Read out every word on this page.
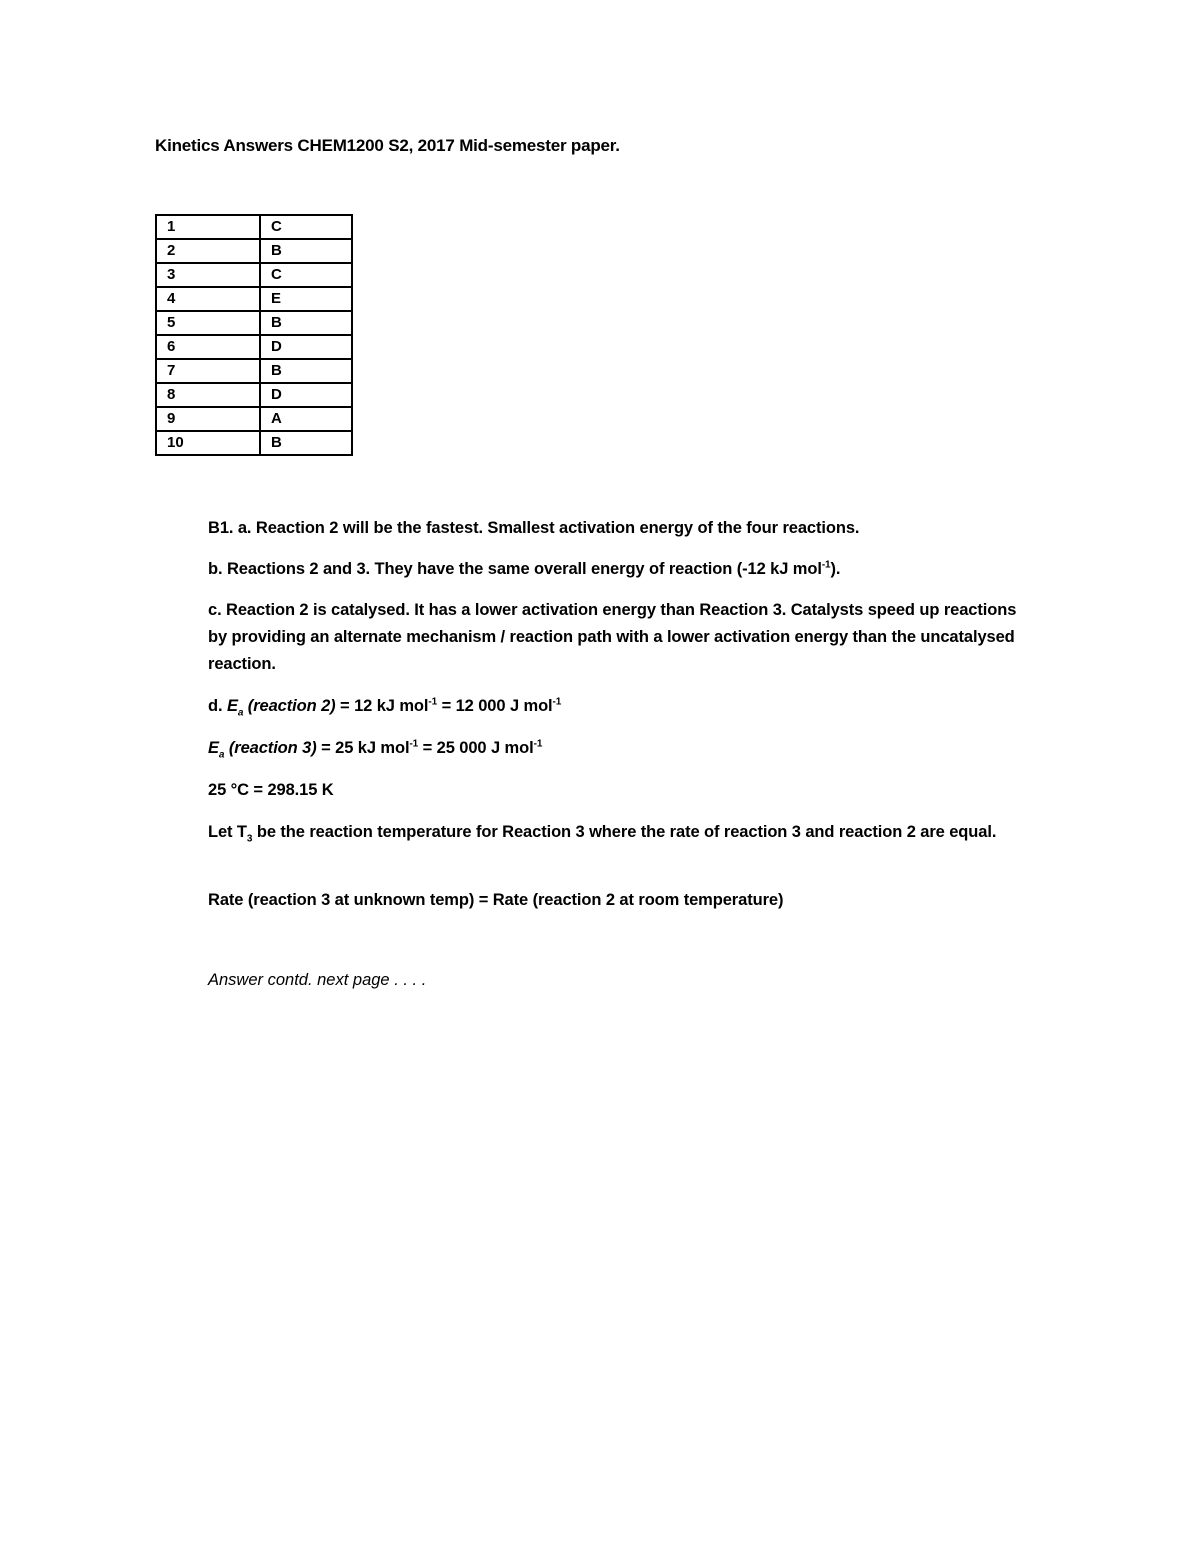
Kinetics Answers CHEM1200 S2, 2017 Mid-semester paper.
1	C
2	B
3	C
4	E
5	B
6	D
7	B
8	D
9	A
10	B
B1. a. Reaction 2 will be the fastest. Smallest activation energy of the four reactions.
b. Reactions 2 and 3. They have the same overall energy of reaction (-12 kJ mol$^{-1}$).
c. Reaction 2 is catalysed. It has a lower activation energy than Reaction 3. Catalysts speed up reactions by providing an alternate mechanism / reaction path with a lower activation energy than the uncatalysed reaction.
d. $E_a$ (reaction 2) = 12 kJ mol$^{-1}$ = 12 000 J mol$^{-1}$
$E_a$ (reaction 3) = 25 kJ mol$^{-1}$ = 25 000 J mol$^{-1}$
25 °C = 298.15 K
Let $T_3$ be the reaction temperature for Reaction 3 where the rate of reaction 3 and reaction 2 are equal.
Rate (reaction 3 at unknown temp) = Rate (reaction 2 at room temperature)
Answer contd. next page . . . .
